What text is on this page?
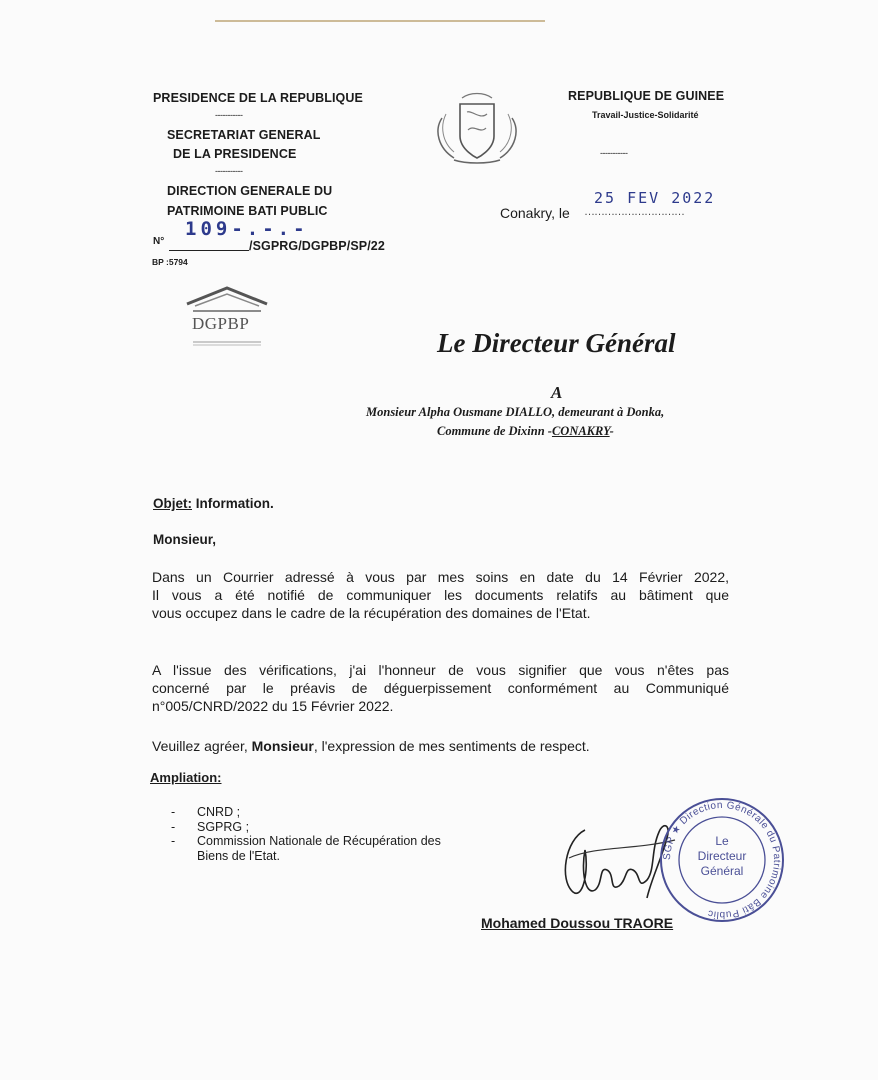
PRESIDENCE DE LA REPUBLIQUE
-----------
SECRETARIAT GENERAL
DE LA PRESIDENCE
-----------
DIRECTION GENERALE DU
PATRIMOINE BATI PUBLIC
N°
109-.-.-
/SGPRG/DGPBP/SP/22
BP :5794
DGPBP
REPUBLIQUE DE GUINEE
Travail-Justice-Solidarité
-----------
Conakry, le …………………………
25 FEV 2022
Le Directeur Général
A
Monsieur Alpha Ousmane DIALLO, demeurant à Donka,
Commune de Dixinn -CONAKRY-
Objet: Information.
Monsieur,
Dans un Courrier adressé à vous par mes soins en date du 14 Février 2022,
Il vous a été notifié de communiquer les documents relatifs au bâtiment que
vous occupez dans le cadre de la récupération des domaines de l'Etat.
A l'issue des vérifications, j'ai l'honneur de vous signifier que vous n'êtes pas
concerné par le préavis de déguerpissement conformément au Communiqué
n°005/CNRD/2022 du 15 Février 2022.
Veuillez agréer, Monsieur, l'expression de mes sentiments de respect.
Ampliation:
- CNRD ;
- SGPRG ;
- Commission Nationale de Récupération des Biens de l'Etat.	SGP ★ Direction Générale du Patrimoine Bâti Public
Le
Directeur
Général
Mohamed Doussou TRAORE
